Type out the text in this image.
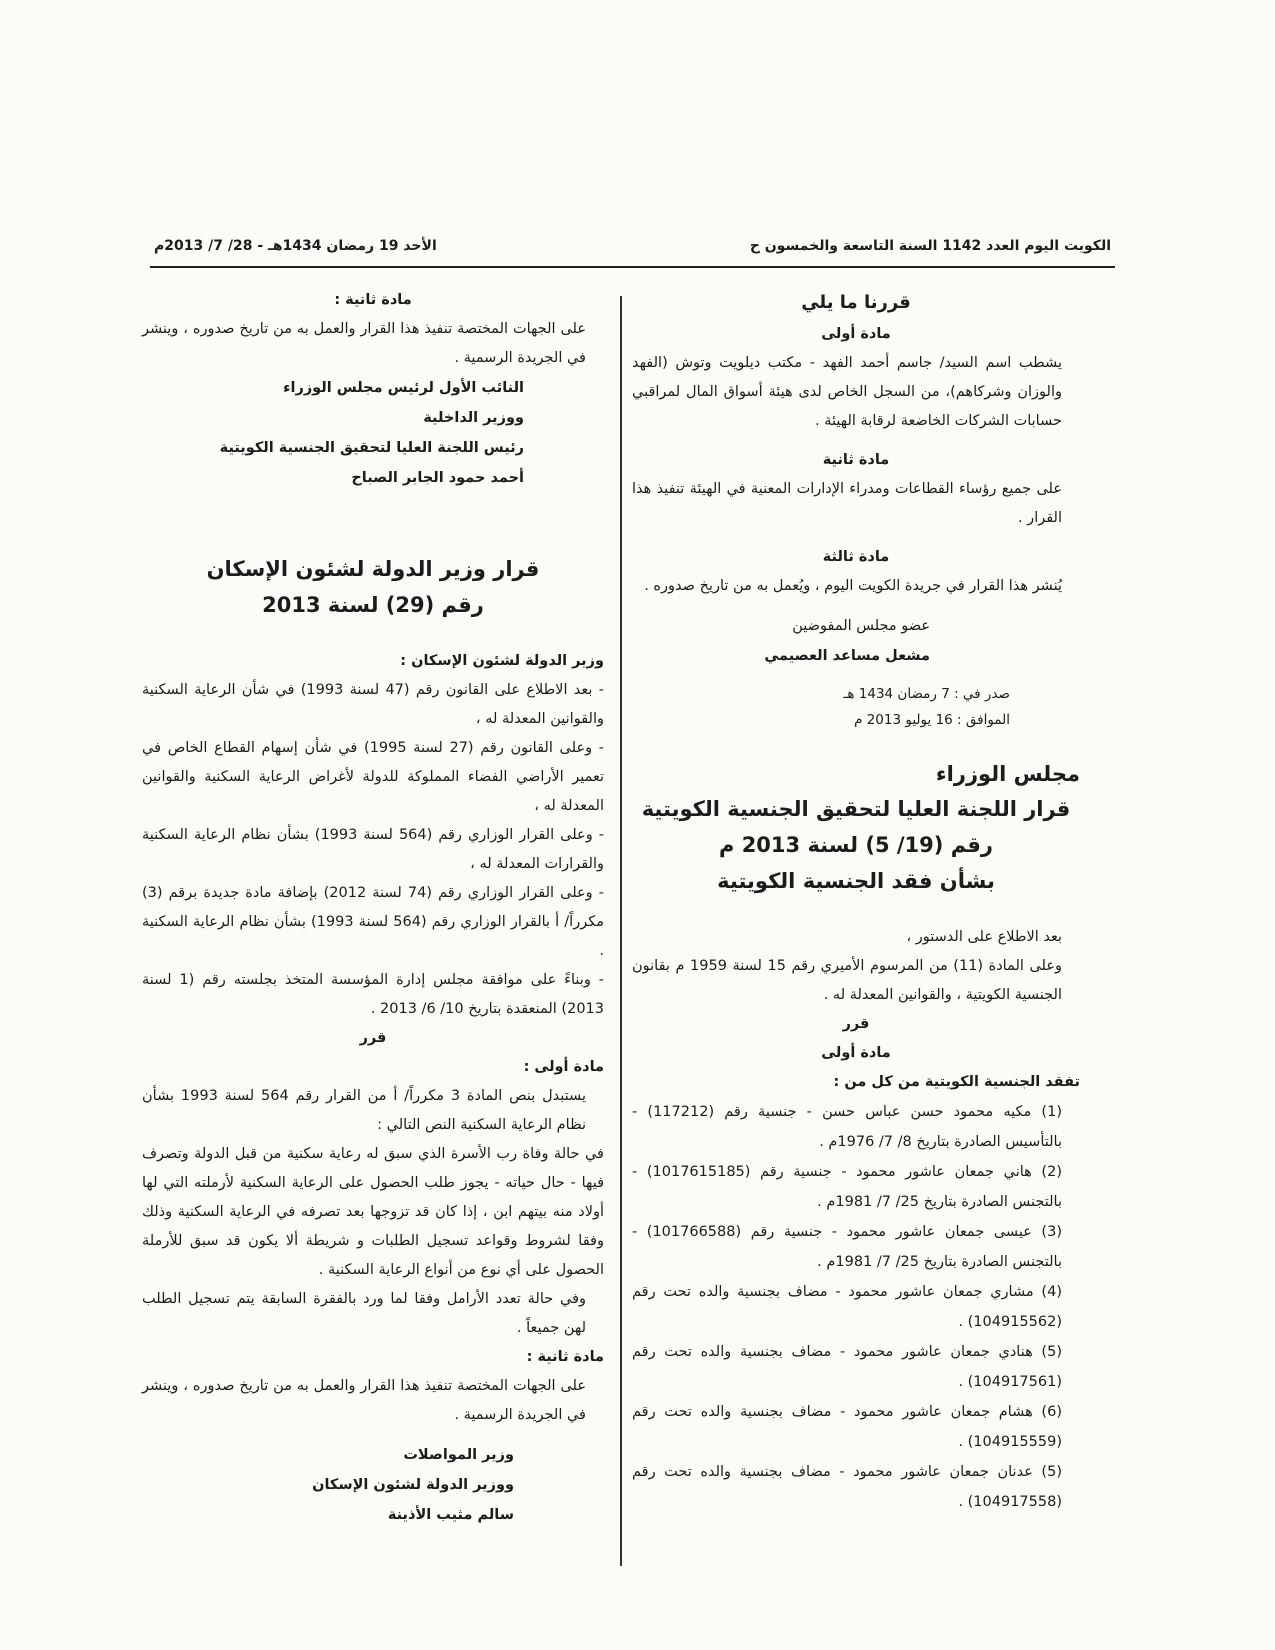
الكويت اليوم العدد 1142 السنة التاسعة والخمسون ح
الأحد 19 رمضان 1434هـ - 28/ 7/ 2013م

قررنا ما يلي

مادة أولى

يشطب اسم السيد/ جاسم أحمد الفهد - مكتب ديلويت وتوش (الفهد والوزان وشركاهم)، من السجل الخاص لدى هيئة أسواق المال لمراقبي حسابات الشركات الخاضعة لرقابة الهيئة .

مادة ثانية

على جميع رؤساء القطاعات ومدراء الإدارات المعنية في الهيئة تنفيذ هذا القرار .

مادة ثالثة

يُنشر هذا القرار في جريدة الكويت اليوم ، ويُعمل به من تاريخ صدوره .

عضو مجلس المفوضين

مشعل مساعد العصيمي

صدر في : 7 رمضان 1434 هـ

الموافق : 16 يوليو 2013 م

مجلس الوزراء

قرار اللجنة العليا لتحقيق الجنسية الكويتية

رقم (19/ 5) لسنة 2013 م

بشأن فقد الجنسية الكويتية

بعد الاطلاع على الدستور ،

وعلى المادة (11) من المرسوم الأميري رقم 15 لسنة 1959 م بقانون الجنسية الكويتية ، والقوانين المعدلة له .

قرر

مادة أولى

تفقد الجنسية الكويتية من كل من :

(1) مكيه محمود حسن عباس حسن - جنسية رقم (117212) - بالتأسيس الصادرة بتاريخ 8/ 7/ 1976م .

(2) هاني جمعان عاشور محمود - جنسية رقم (1017615185) - بالتجنس الصادرة بتاريخ 25/ 7/ 1981م .

(3) عيسى جمعان عاشور محمود - جنسية رقم (101766588) - بالتجنس الصادرة بتاريخ 25/ 7/ 1981م .

(4) مشاري جمعان عاشور محمود - مضاف بجنسية والده تحت رقم (104915562) .

(5) هنادي جمعان عاشور محمود - مضاف بجنسية والده تحت رقم (104917561) .

(6) هشام جمعان عاشور محمود - مضاف بجنسية والده تحت رقم (104915559) .

(5) عدنان جمعان عاشور محمود - مضاف بجنسية والده تحت رقم (104917558) .

مادة ثانية :

على الجهات المختصة تنفيذ هذا القرار والعمل به من تاريخ صدوره ، وينشر في الجريدة الرسمية .

النائب الأول لرئيس مجلس الوزراء

ووزير الداخلية

رئيس اللجنة العليا لتحقيق الجنسية الكويتية

أحمد حمود الجابر الصباح

قرار وزير الدولة لشئون الإسكان

رقم (29) لسنة 2013

وزير الدولة لشئون الإسكان :

- بعد الاطلاع على القانون رقم (47 لسنة 1993) في شأن الرعاية السكنية والقوانين المعدلة له ،

- وعلى القانون رقم (27 لسنة 1995) في شأن إسهام القطاع الخاص في تعمير الأراضي الفضاء المملوكة للدولة لأغراض الرعاية السكنية والقوانين المعدلة له ،

- وعلى القرار الوزاري رقم (564 لسنة 1993) بشأن نظام الرعاية السكنية والقرارات المعدلة له ،

- وعلى القرار الوزاري رقم (74 لسنة 2012) بإضافة مادة جديدة برقم (3) مكرراً/ أ بالقرار الوزاري رقم (564 لسنة 1993) بشأن نظام الرعاية السكنية .

- وبناءً على موافقة مجلس إدارة المؤسسة المتخذ بجلسته رقم (1 لسنة 2013) المنعقدة بتاريخ 10/ 6/ 2013 .

قرر

مادة أولى :

يستبدل بنص المادة 3 مكرراً/ أ من القرار رقم 564 لسنة 1993 بشأن نظام الرعاية السكنية النص التالي :

في حالة وفاة رب الأسرة الذي سبق له رعاية سكنية من قبل الدولة وتصرف فيها - حال حياته - يجوز طلب الحصول على الرعاية السكنية لأرملته التي لها أولاد منه بيتهم ابن ، إذا كان قد تزوجها بعد تصرفه في الرعاية السكنية وذلك وفقا لشروط وقواعد تسجيل الطلبات و شريطة ألا يكون قد سبق للأرملة الحصول على أي نوع من أنواع الرعاية السكنية .

وفي حالة تعدد الأرامل وفقا لما ورد بالفقرة السابقة يتم تسجيل الطلب لهن جميعاً .

مادة ثانية :

على الجهات المختصة تنفيذ هذا القرار والعمل به من تاريخ صدوره ، وينشر في الجريدة الرسمية .

وزير المواصلات

ووزير الدولة لشئون الإسكان

سالم مثيب الأذينة
